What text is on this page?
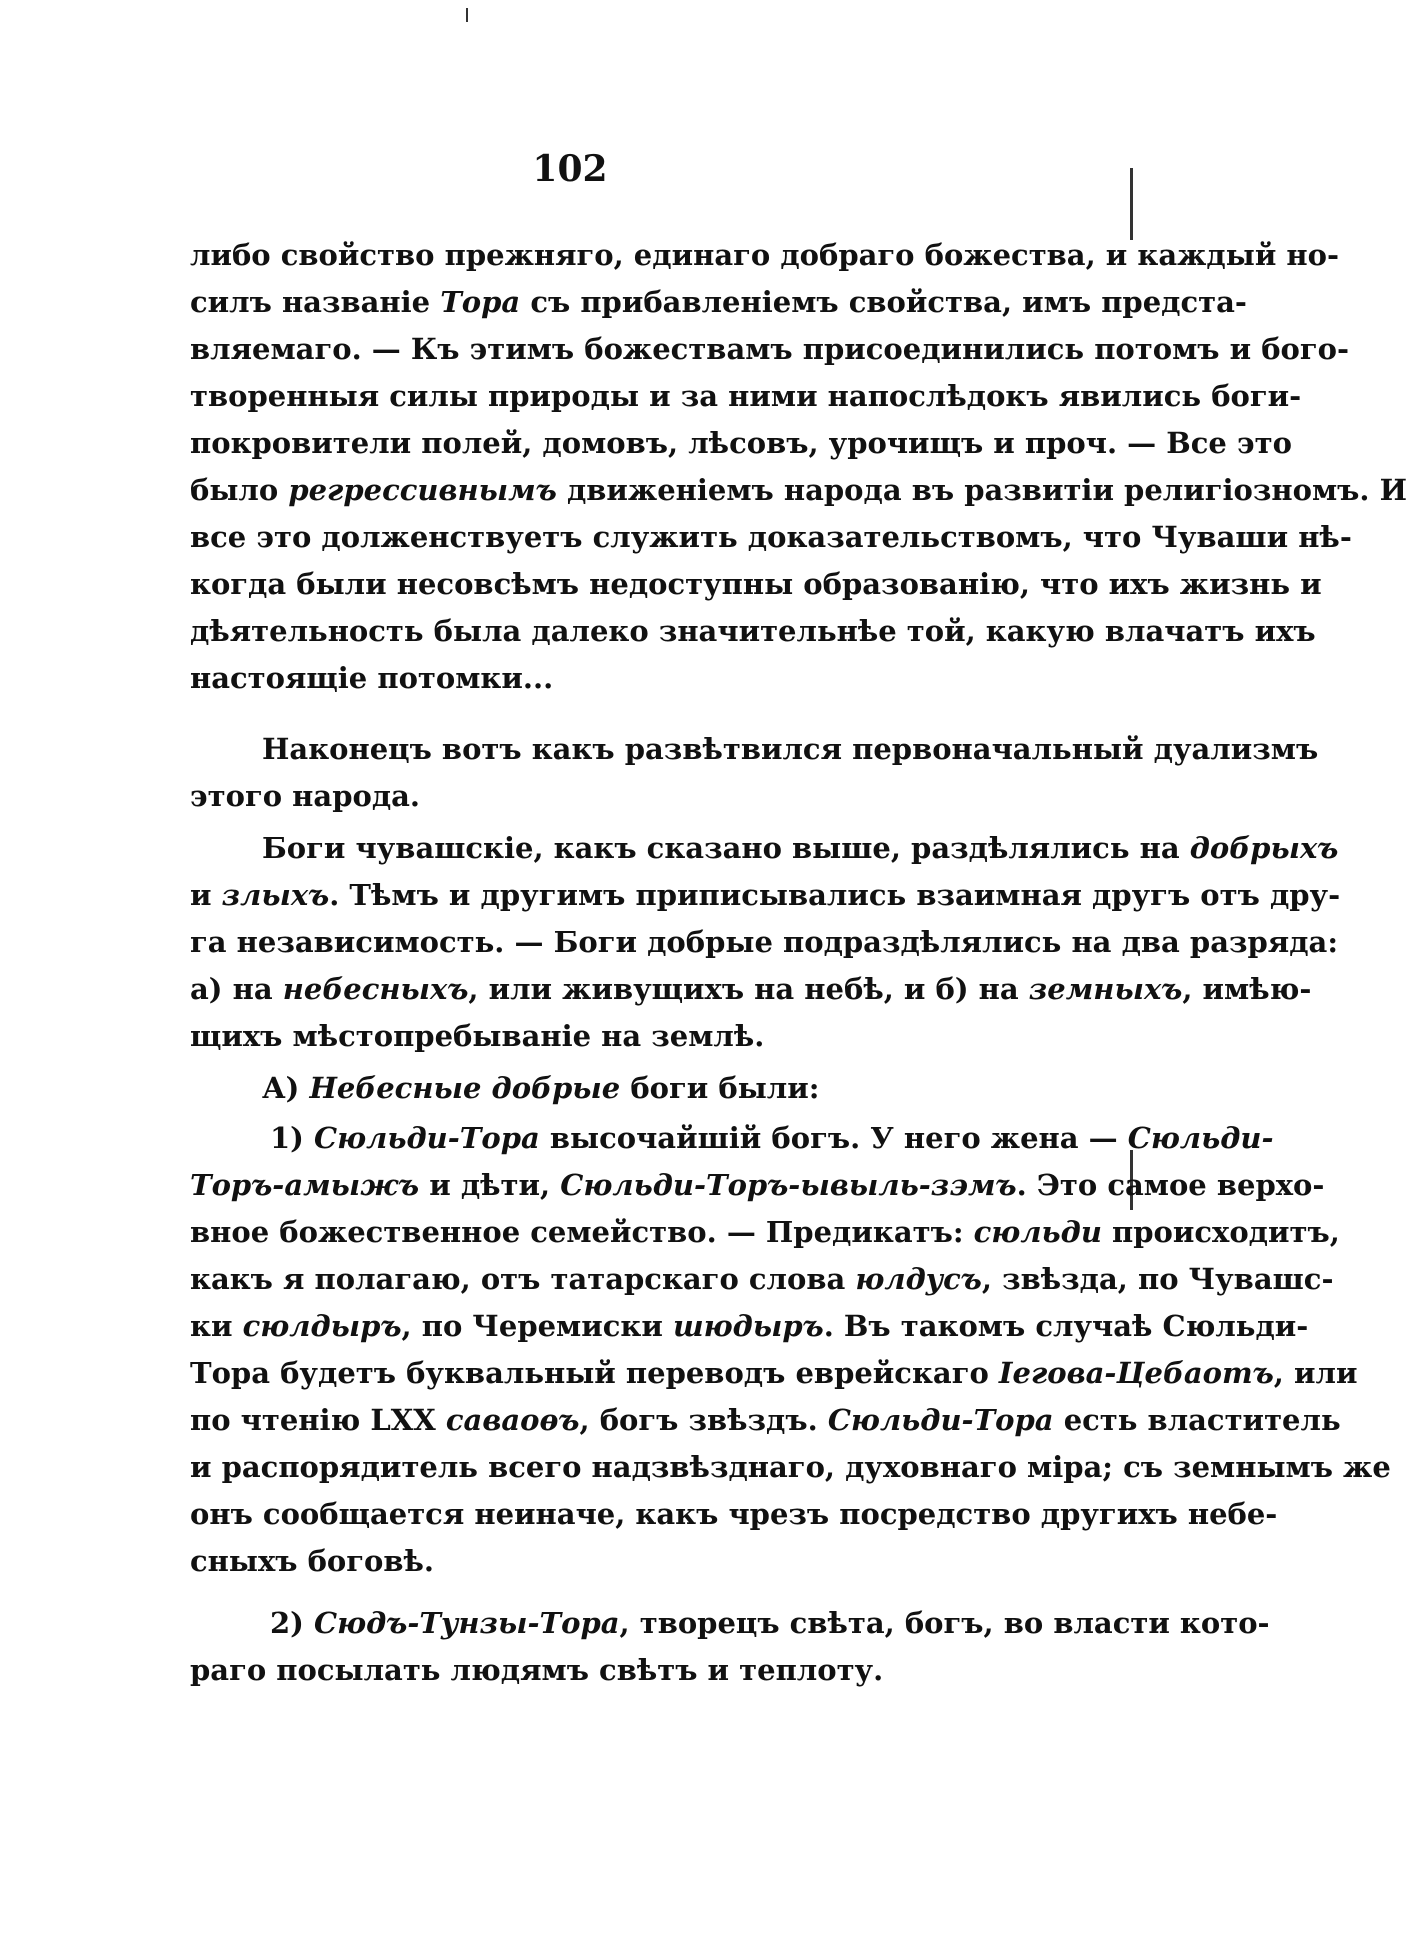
102
либо свойство прежняго, единаго добраго божества, и каждый но-
силъ названіе Тора съ прибавленіемъ свойства, имъ предста-
вляемаго. — Къ этимъ божествамъ присоединились потомъ и бого-
творенныя силы природы и за ними напослѣдокъ явились боги-
покровители полей, домовъ, лѣсовъ, урочищъ и проч. — Все это
было регрессивнымъ движеніемъ народа въ развитіи религіозномъ. И
все это долженствуетъ служить доказательствомъ, что Чуваши нѣ-
когда были несовсѣмъ недоступны образованію, что ихъ жизнь и
дѣятельность была далеко значительнѣе той, какую влачатъ ихъ
настоящіе потомки...
Наконецъ вотъ какъ развѣтвился первоначальный дуализмъ
этого народа.
Боги чувашскіе, какъ сказано выше, раздѣлялись на добрыхъ
и злыхъ. Тѣмъ и другимъ приписывались взаимная другъ отъ дру-
га независимость. — Боги добрые подраздѣлялись на два разряда:
а) на небесныхъ, или живущихъ на небѣ, и б) на земныхъ, имѣю-
щихъ мѣстопребываніе на землѣ.
А) Небесные добрые боги были:
1) Сюльди-Тора высочайшій богъ. У него жена — Сюльди-
Торъ-амыжъ и дѣти, Сюльди-Торъ-ывыль-зэмъ. Это самое верхо-
вное божественное семейство. — Предикатъ: сюльди происходитъ,
какъ я полагаю, отъ татарскаго слова юлдусъ, звѣзда, по Чувашс-
ки сюлдыръ, по Черемиски шюдыръ. Въ такомъ случаѣ Сюльди-
Тора будетъ буквальный переводъ еврейскаго Іегова-Цебаотъ, или
по чтенію LXX саваоѳъ, богъ звѣздъ. Сюльди-Тора есть властитель
и распорядитель всего надзвѣзднаго, духовнаго міра; съ земнымъ же
онъ сообщается неиначе, какъ чрезъ посредство другихъ небе-
сныхъ боговѣ.
2) Сюдъ-Тунзы-Тора, творецъ свѣта, богъ, во власти кото-
раго посылать людямъ свѣтъ и теплоту.
